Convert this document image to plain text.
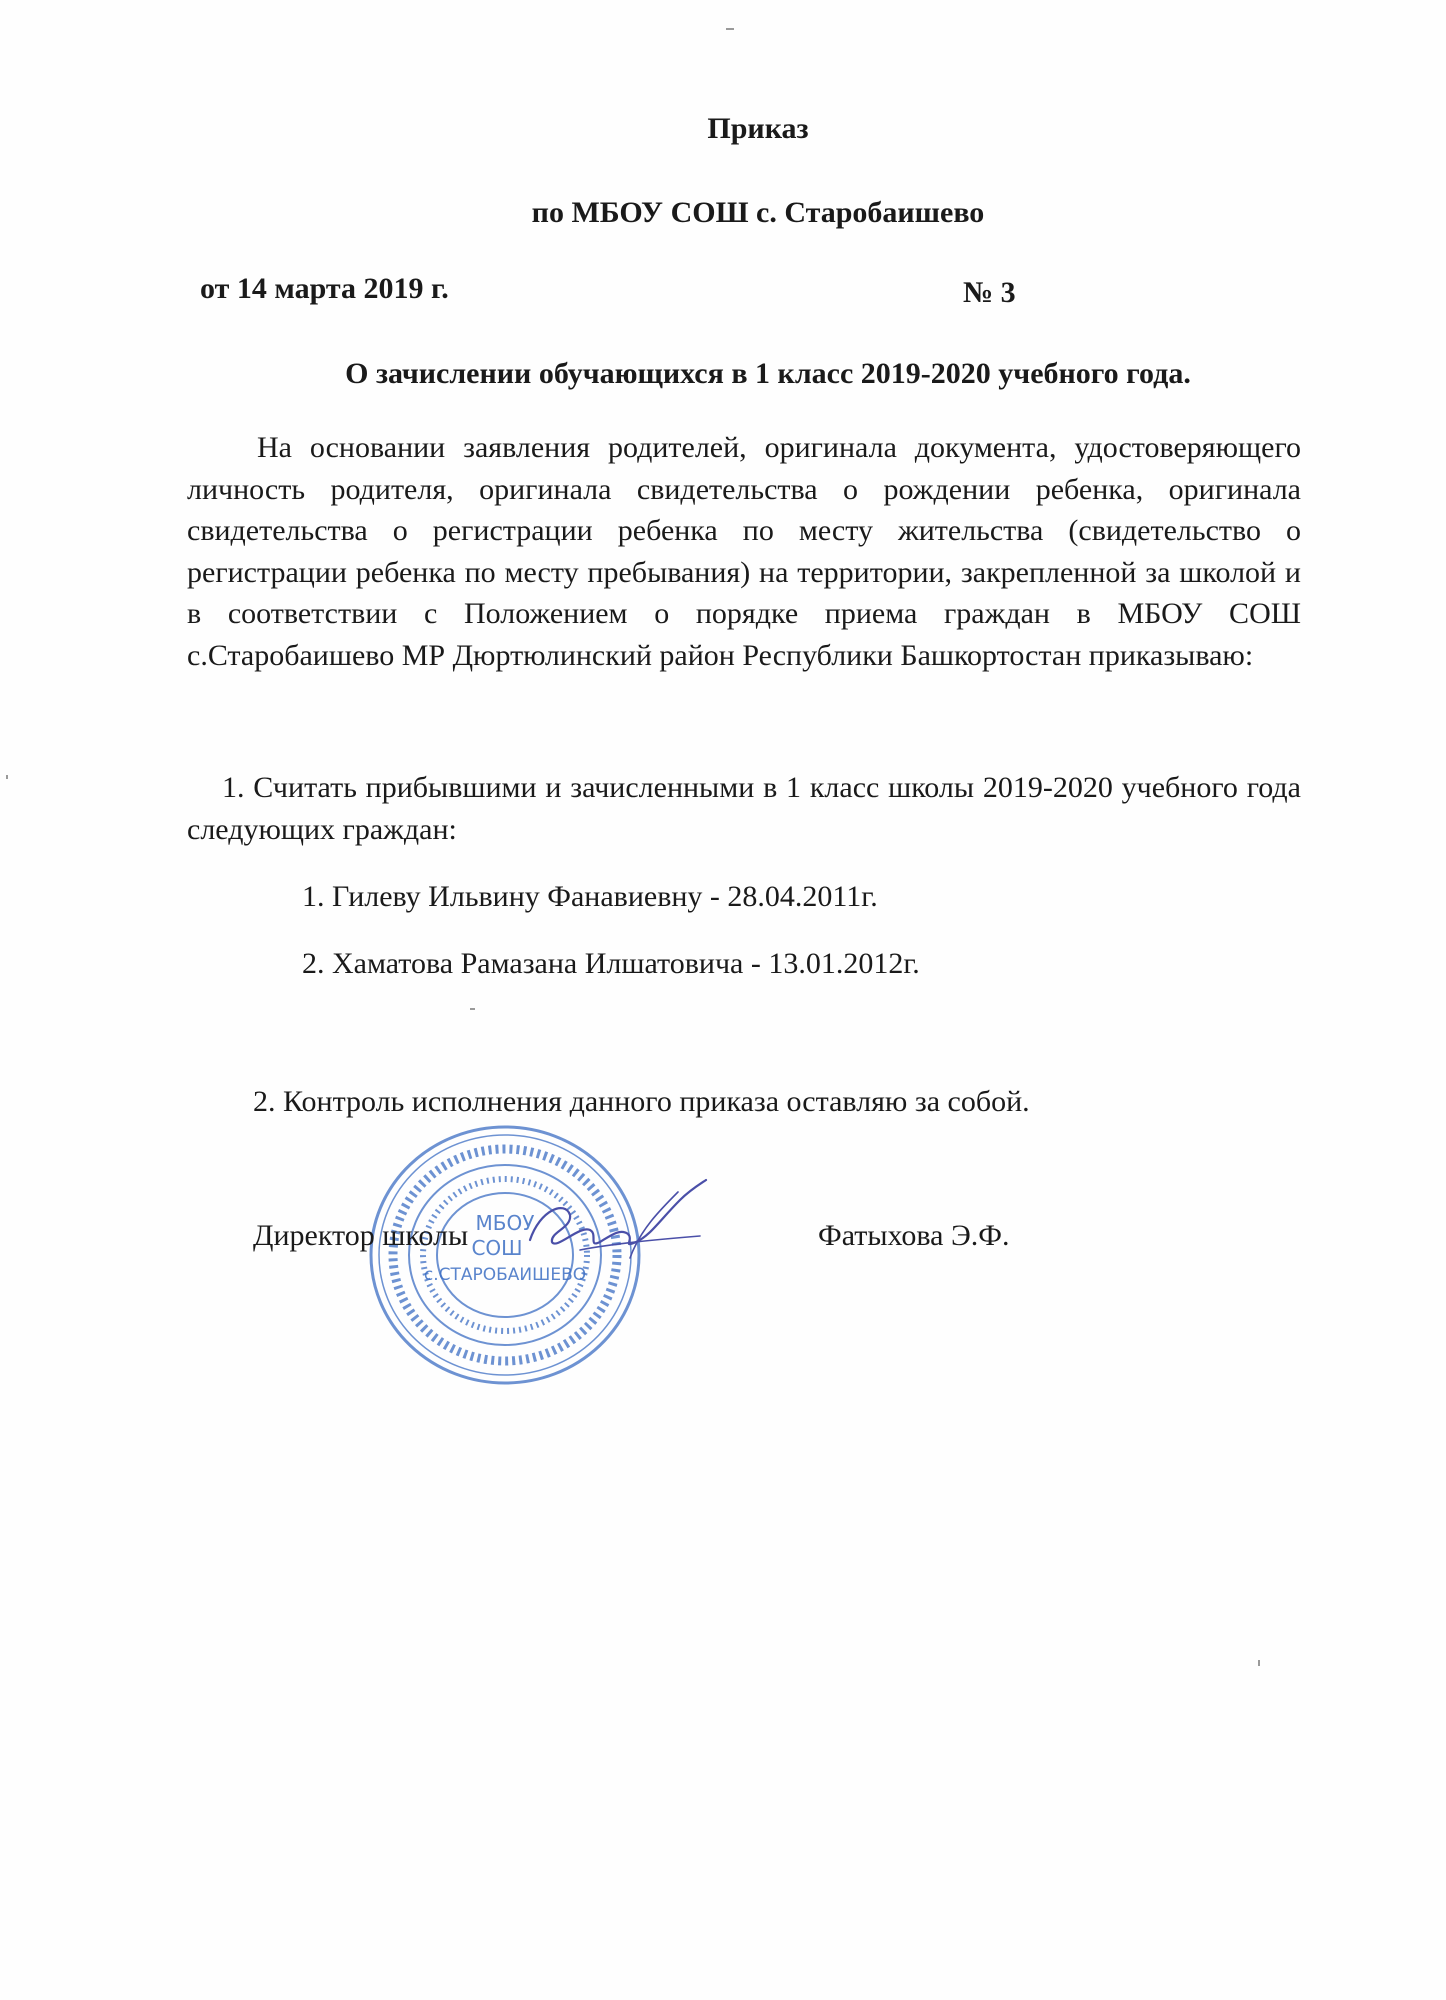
Приказ
по МБОУ СОШ с. Старобаишево
от 14 марта 2019 г.	№ 3
О зачислении обучающихся в 1 класс 2019-2020 учебного года.
На основании заявления родителей, оригинала документа, удостоверяющего личность родителя, оригинала свидетельства о рождении ребенка, оригинала свидетельства о регистрации ребенка по месту жительства (свидетельство о регистрации ребенка по месту пребывания) на территории, закрепленной за школой и в соответствии с Положением о порядке приема граждан в МБОУ СОШ с.Старобаишево МР Дюртюлинский район Республики Башкортостан приказываю:
1. Считать прибывшими и зачисленными в 1 класс школы 2019-2020 учебного года следующих граждан:
1. Гилеву Ильвину Фанавиевну - 28.04.2011г.
2. Хаматова Рамазана Илшатовича - 13.01.2012г.
2. Контроль исполнения данного приказа оставляю за собой.
МБОУ
СОШ
с.СТАРОБАИШЕВО
Директор школы	Фатыхова Э.Ф.
